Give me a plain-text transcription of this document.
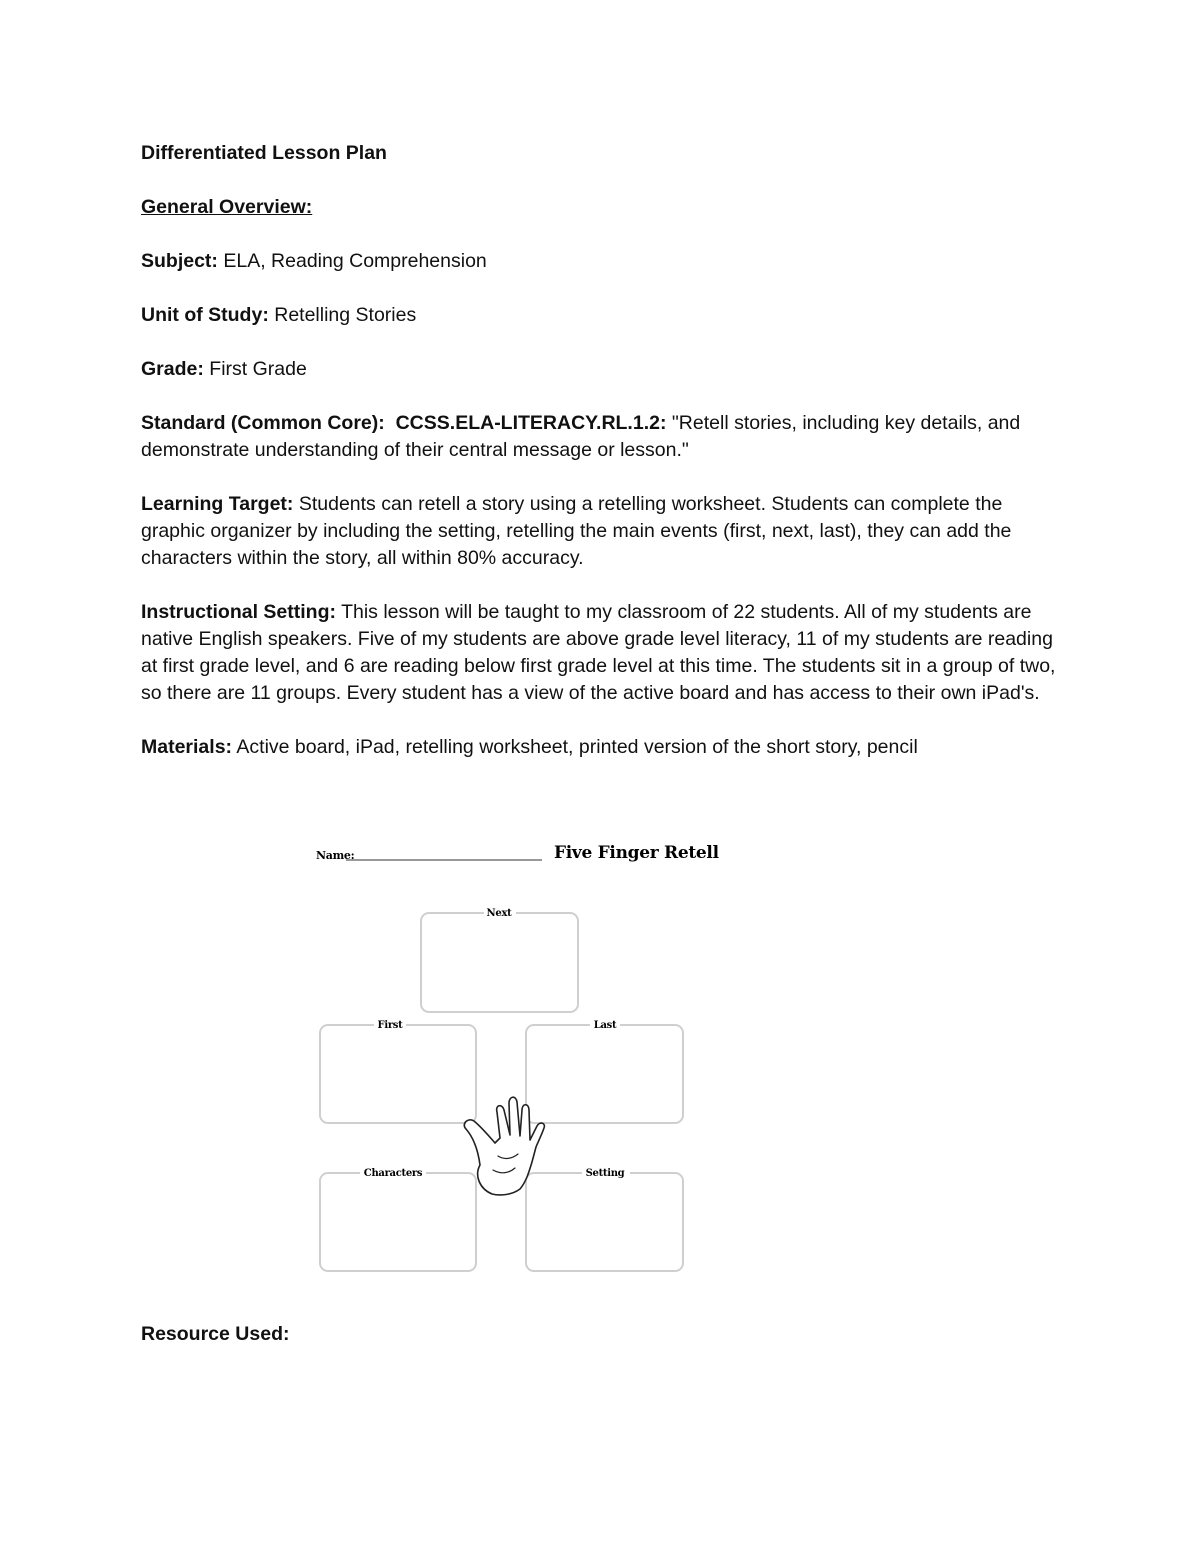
Differentiated Lesson Plan

General Overview:

Subject: ELA, Reading Comprehension

Unit of Study: Retelling Stories

Grade: First Grade

Standard (Common Core): CCSS.ELA-LITERACY.RL.1.2: "Retell stories, including key details, and demonstrate understanding of their central message or lesson."

Learning Target: Students can retell a story using a retelling worksheet. Students can complete the graphic organizer by including the setting, retelling the main events (first, next, last), they can add the characters within the story, all within 80% accuracy.

Instructional Setting: This lesson will be taught to my classroom of 22 students. All of my students are native English speakers. Five of my students are above grade level literacy, 11 of my students are reading at first grade level, and 6 are reading below first grade level at this time. The students sit in a group of two, so there are 11 groups. Every student has a view of the active board and has access to their own iPad's.

Materials: Active board, iPad, retelling worksheet, printed version of the short story, pencil

Name:	Five Finger Retell
Next
First	Last
Characters	Setting
Resource Used:
